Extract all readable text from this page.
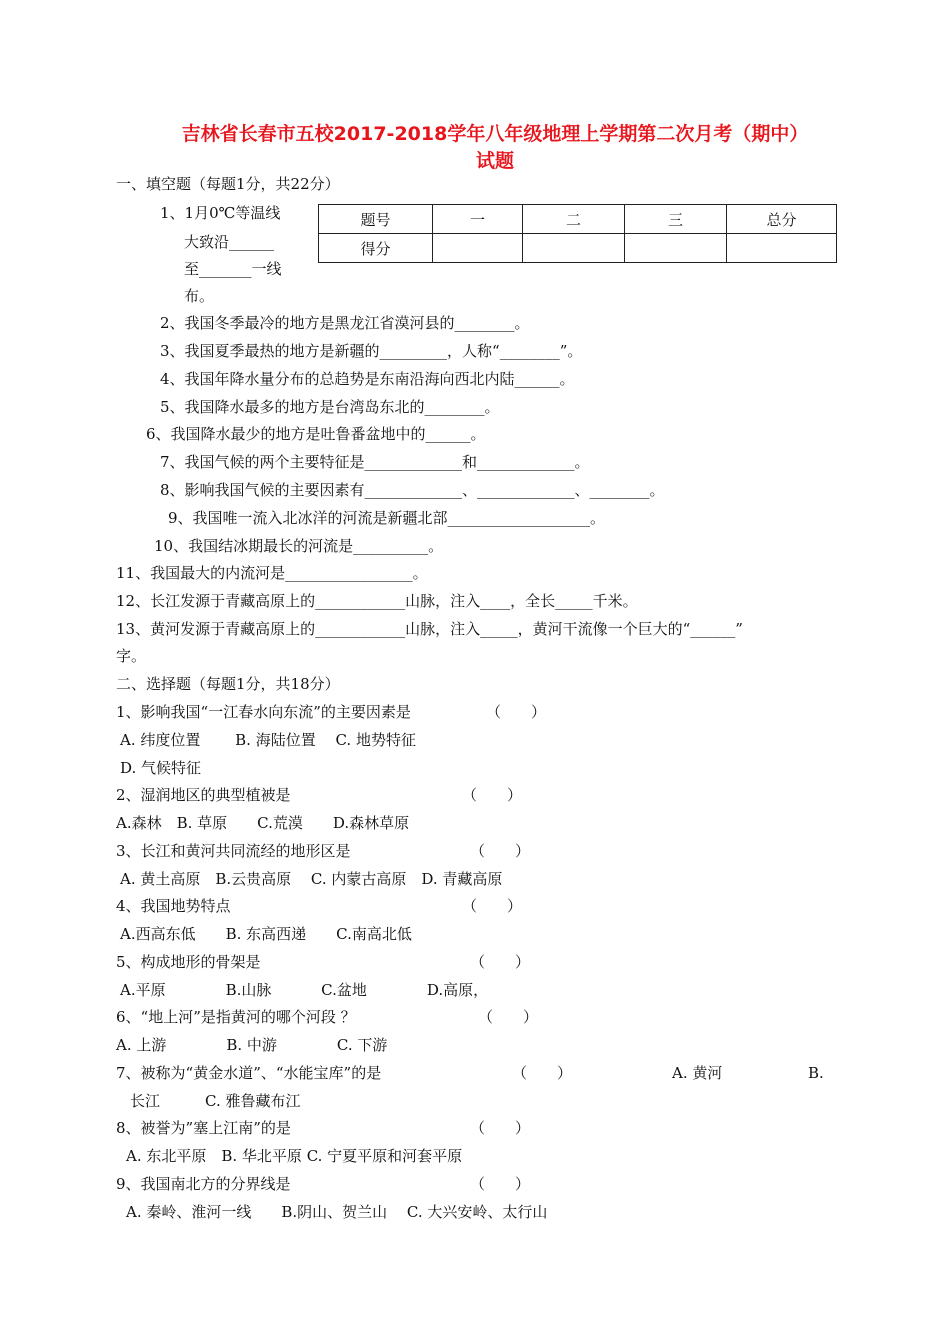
吉林省长春市五校2017-2018学年八年级地理上学期第二次月考（期中）
试题
一、填空题（每题1分，共22分）
1、1月0℃等温线
大致沿______
至_______一线
布。
题号	一	二	三	总分
得分				
2、我国冬季最冷的地方是黑龙江省漠河县的________。
3、我国夏季最热的地方是新疆的_________，人称“________”。
4、我国年降水量分布的总趋势是东南沿海向西北内陆______。
5、我国降水最多的地方是台湾岛东北的________。
6、我国降水最少的地方是吐鲁番盆地中的______。
7、我国气候的两个主要特征是_____________和_____________。
8、影响我国气候的主要因素有_____________、_____________、________。
9、我国唯一流入北冰洋的河流是新疆北部___________________。
10、我国结冰期最长的河流是__________。
11、我国最大的内流河是_________________。
12、长江发源于青藏高原上的____________山脉，注入____，全长_____千米。
13、黄河发源于青藏高原上的____________山脉，注入_____，黄河干流像一个巨大的“______”
字。
二、选择题（每题1分，共18分）
1、影响我国“一江春水向东流”的主要因素是	（　　）
A. 纬度位置　　 B. 海陆位置　 C. 地势特征
D. 气候特征
2、湿润地区的典型植被是	（　　）
A.森林　B. 草原　　C.荒漠　　D.森林草原
3、长江和黄河共同流经的地形区是	（　　）
A. 黄土高原　B.云贵高原　 C. 内蒙古高原　D. 青藏高原
4、我国地势特点	（　　）
A.西高东低　　B. 东高西递　　C.南高北低
5、构成地形的骨架是	（　　）
A.平原　　　　B.山脉　　　 C.盆地　　　　D.高原，
6、“地上河”是指黄河的哪个河段 ？	（　　）
A. 上游　　　　B. 中游　　　　C. 下游
7、被称为“黄金水道”、“水能宝库”的是	（　　）	A. 黄河	B.
长江　　　C. 雅鲁藏布江
8、被誉为”塞上江南”的是	（　　）
A. 东北平原　B. 华北平原 C. 宁夏平原和河套平原
9、我国南北方的分界线是	（　　）
A. 秦岭、淮河一线　　B.阴山、贺兰山　 C. 大兴安岭、太行山
